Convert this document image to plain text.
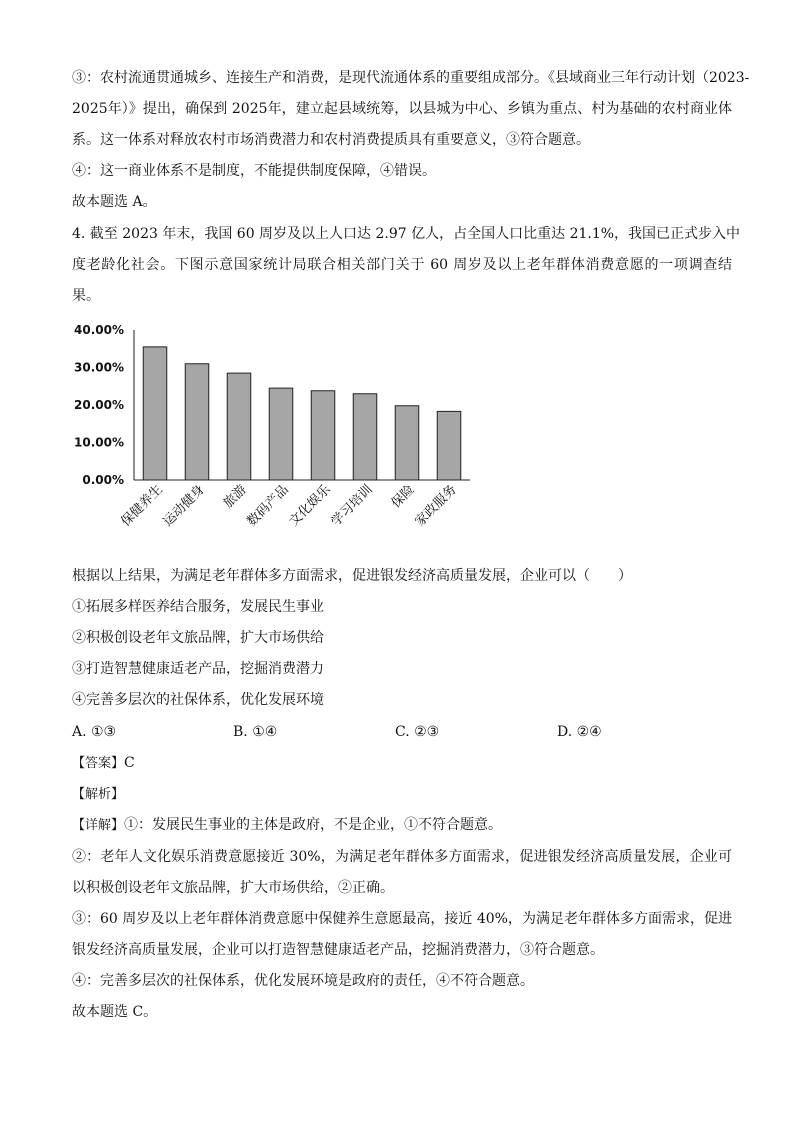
③：农村流通贯通城乡、连接生产和消费，是现代流通体系的重要组成部分。《县域商业三年行动计划（2023-
2025年）》提出，确保到 2025年，建立起县域统筹，以县城为中心、乡镇为重点、村为基础的农村商业体
系。这一体系对释放农村市场消费潜力和农村消费提质具有重要意义，③符合题意。
④：这一商业体系不是制度，不能提供制度保障，④错误。
故本题选 A。
4. 截至 2023 年末，我国 60 周岁及以上人口达 2.97 亿人，占全国人口比重达 21.1%，我国已正式步入中
度老龄化社会。下图示意国家统计局联合相关部门关于 60 周岁及以上老年群体消费意愿的一项调查结
果。
0.00%
10.00%
20.00%
30.00%
40.00%
保健养生
运动健身 旅游
数码产品
文化娱乐
学习培训 保险
家政服务
根据以上结果，为满足老年群体多方面需求，促进银发经济高质量发展，企业可以（　　）
①拓展多样医养结合服务，发展民生事业
②积极创设老年文旅品牌，扩大市场供给
③打造智慧健康适老产品，挖掘消费潜力
④完善多层次的社保体系，优化发展环境
A. ①③	B. ①④	C. ②③	D. ②④
【答案】C
【解析】
【详解】①：发展民生事业的主体是政府，不是企业，①不符合题意。
②：老年人文化娱乐消费意愿接近 30%，为满足老年群体多方面需求，促进银发经济高质量发展，企业可
以积极创设老年文旅品牌，扩大市场供给，②正确。
③：60 周岁及以上老年群体消费意愿中保健养生意愿最高，接近 40%，为满足老年群体多方面需求，促进
银发经济高质量发展，企业可以打造智慧健康适老产品，挖掘消费潜力，③符合题意。
④：完善多层次的社保体系，优化发展环境是政府的责任，④不符合题意。
故本题选 C。
